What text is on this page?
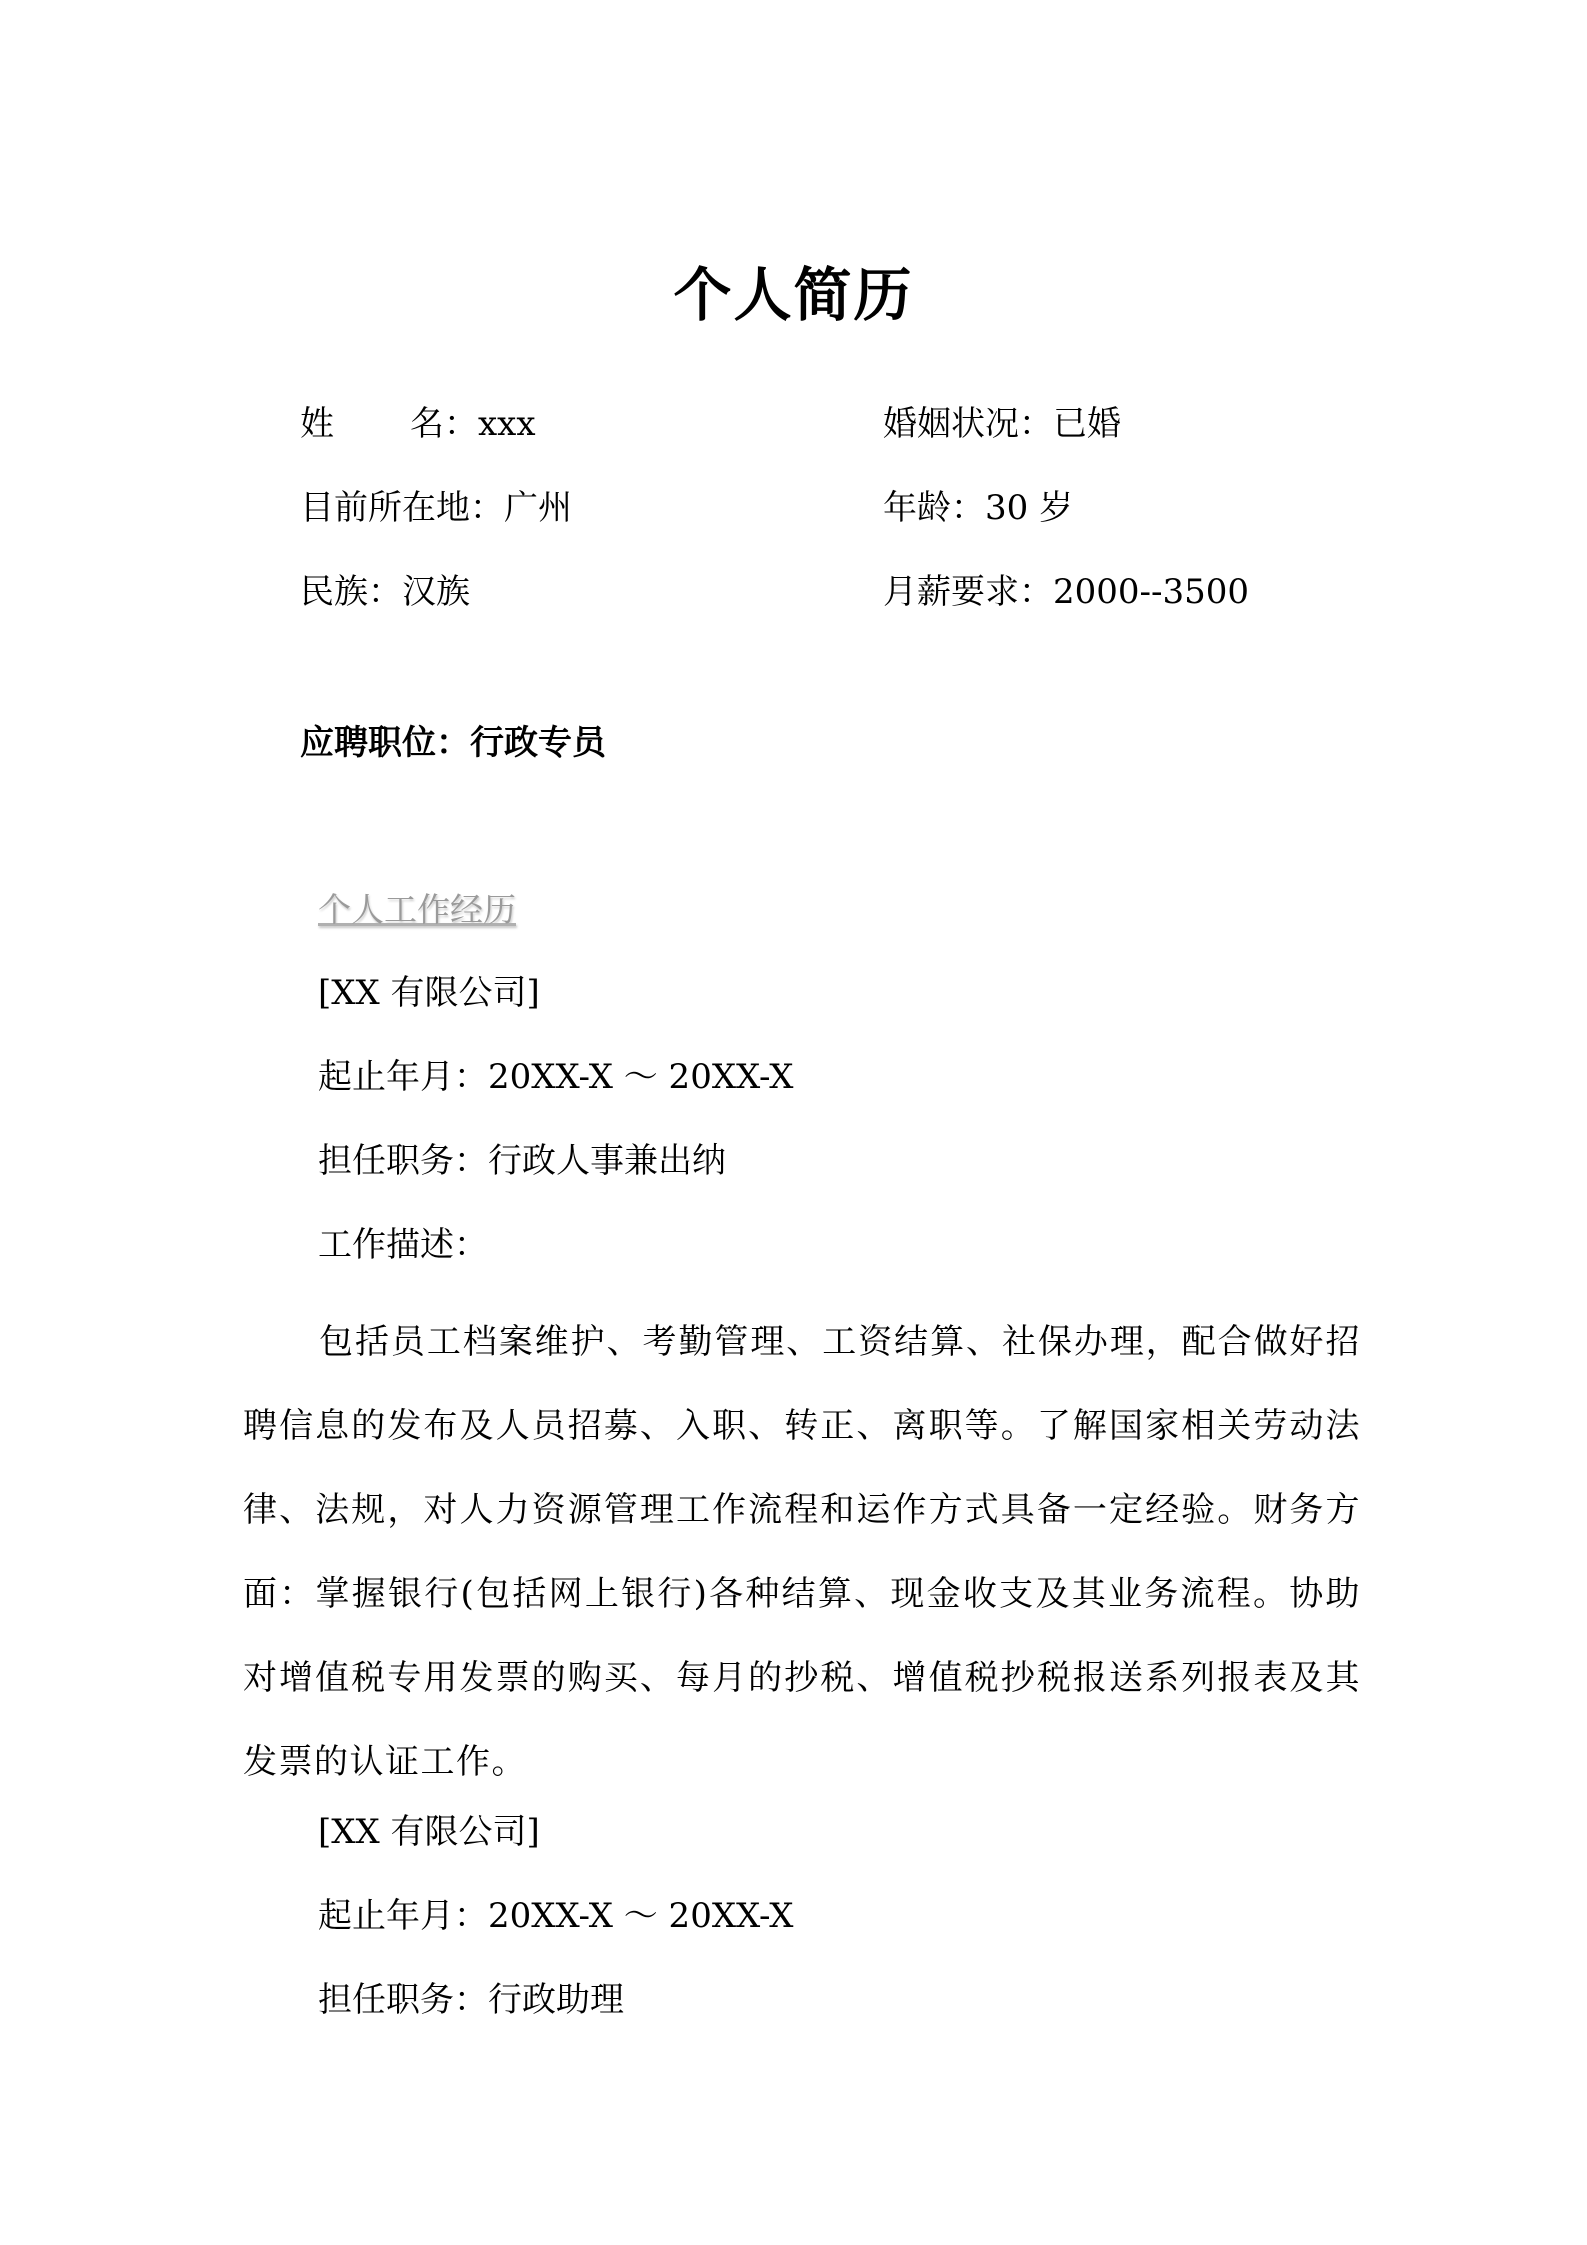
个人简历
姓 名：xxx	婚姻状况：已婚
目前所在地：广州	年龄：30 岁
民族：汉族	月薪要求：2000--3500
应聘职位：行政专员
个人工作经历
[XX 有限公司]
起止年月：20XX-X ～ 20XX-X
担任职务：行政人事兼出纳
工作描述：
包括员工档案维护、考勤管理、工资结算、社保办理，配合做好招聘信息的发布及人员招募、入职、转正、离职等。了解国家相关劳动法律、法规，对人力资源管理工作流程和运作方式具备一定经验。财务方面：掌握银行(包括网上银行)各种结算、现金收支及其业务流程。协助对增值税专用发票的购买、每月的抄税、增值税抄税报送系列报表及其发票的认证工作。
[XX 有限公司]
起止年月：20XX-X ～ 20XX-X
担任职务：行政助理
